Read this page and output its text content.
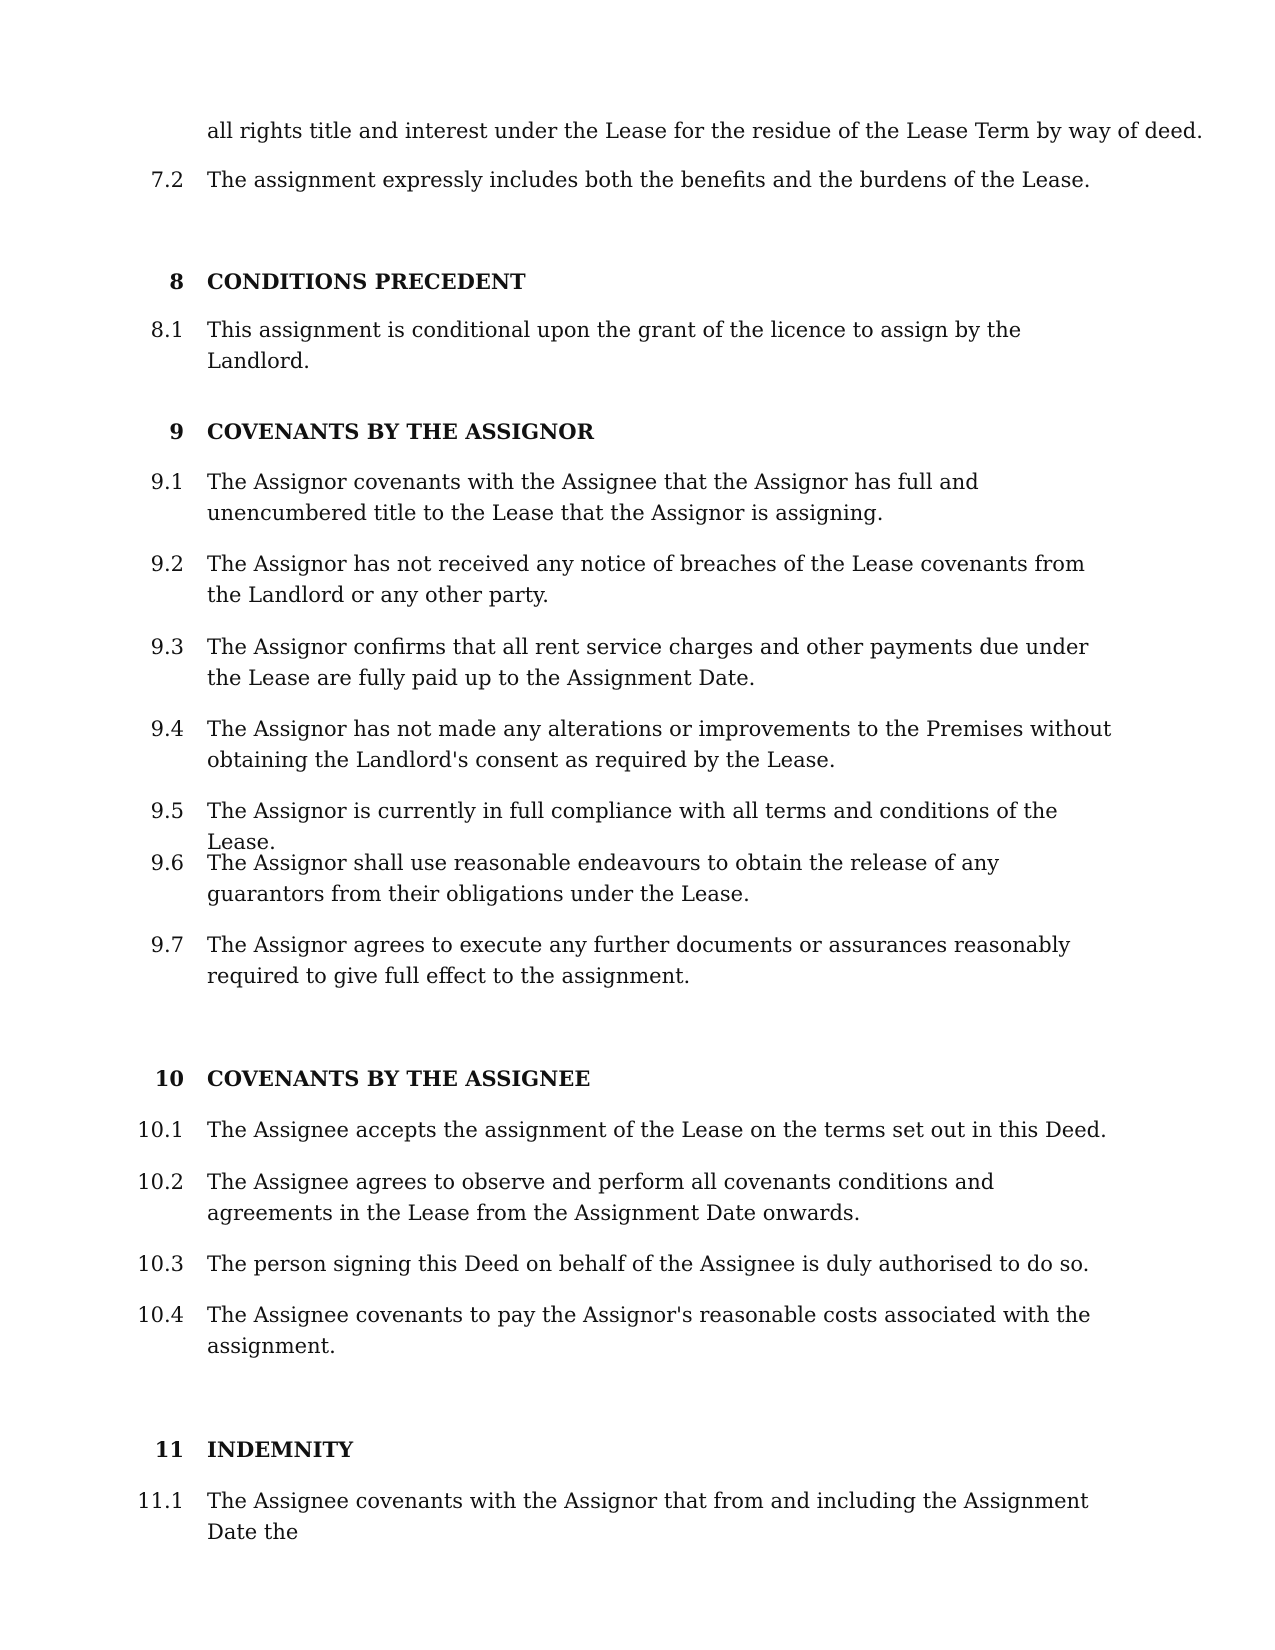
all rights title and interest under the Lease for the residue of the Lease Term by way of deed.
7.2 The assignment expressly includes both the benefits and the burdens of the Lease.
8 CONDITIONS PRECEDENT
8.1 This assignment is conditional upon the grant of the licence to assign by the Landlord.
9 COVENANTS BY THE ASSIGNOR
9.1 The Assignor covenants with the Assignee that the Assignor has full and unencumbered title to the Lease that the Assignor is assigning.
9.2 The Assignor has not received any notice of breaches of the Lease covenants from the Landlord or any other party.
9.3 The Assignor confirms that all rent service charges and other payments due under the Lease are fully paid up to the Assignment Date.
9.4 The Assignor has not made any alterations or improvements to the Premises without obtaining the Landlord's consent as required by the Lease.
9.5 The Assignor is currently in full compliance with all terms and conditions of the Lease.
9.6 The Assignor shall use reasonable endeavours to obtain the release of any guarantors from their obligations under the Lease.
9.7 The Assignor agrees to execute any further documents or assurances reasonably required to give full effect to the assignment.
10 COVENANTS BY THE ASSIGNEE
10.1 The Assignee accepts the assignment of the Lease on the terms set out in this Deed.
10.2 The Assignee agrees to observe and perform all covenants conditions and agreements in the Lease from the Assignment Date onwards.
10.3 The person signing this Deed on behalf of the Assignee is duly authorised to do so.
10.4 The Assignee covenants to pay the Assignor's reasonable costs associated with the assignment.
11 INDEMNITY
11.1 The Assignee covenants with the Assignor that from and including the Assignment Date the
